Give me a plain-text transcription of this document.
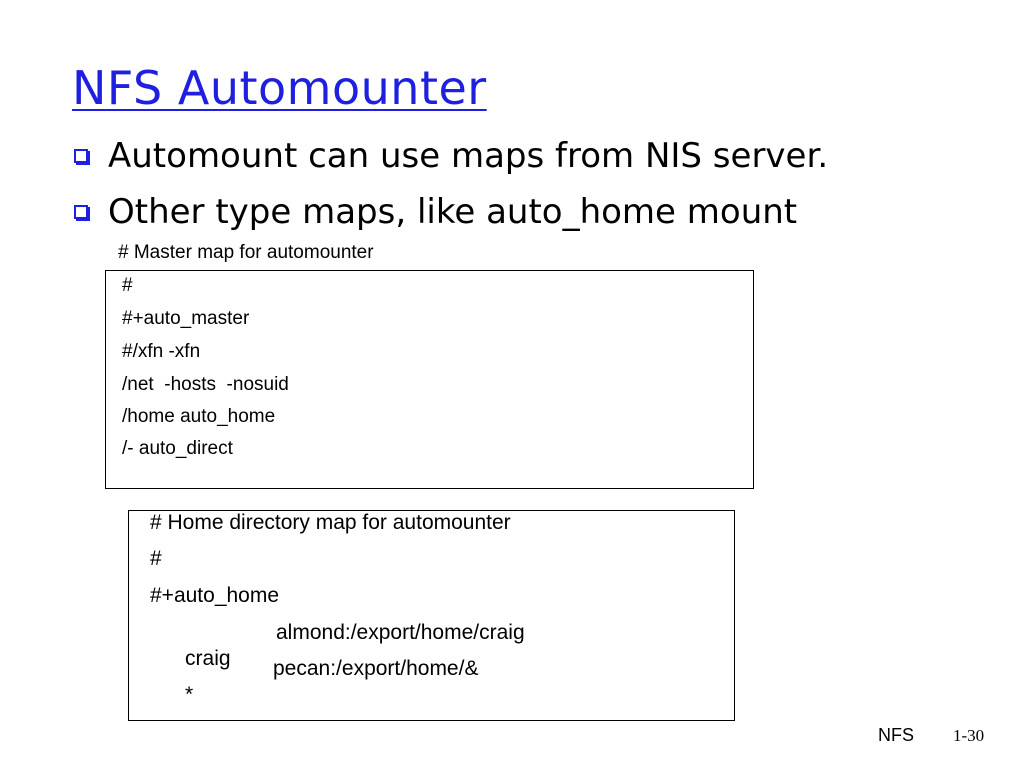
NFS Automounter
Automount can use maps from NIS server.
Other type maps, like auto_home mount
# Master map for automounter
#
#+auto_master
#/xfn -xfn
/net  -hosts  -nosuid
/home auto_home
/- auto_direct
# Home directory map for automounter
#
#+auto_home

craig

almond:/export/home/craig

*

pecan:/export/home/&

NFS 1-30
